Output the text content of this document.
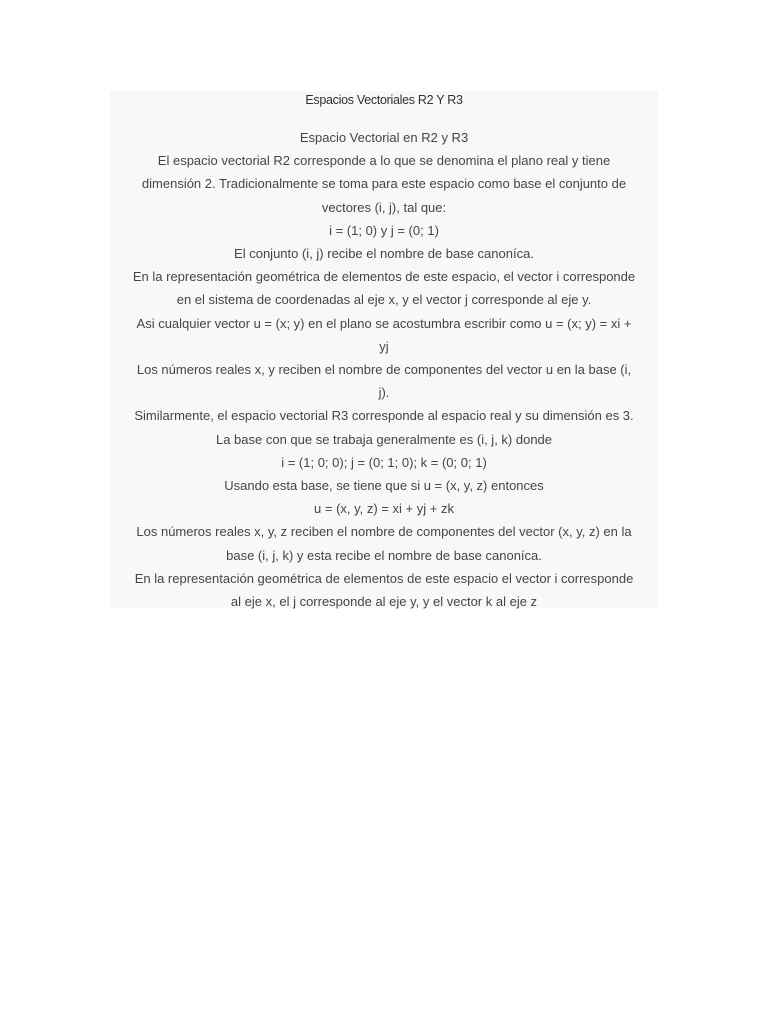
Espacios Vectoriales R2 Y R3
Espacio Vectorial en R2 y R3
El espacio vectorial R2 corresponde a lo que se denomina el plano real y tiene
dimensión 2. Tradicionalmente se toma para este espacio como base el conjunto de
vectores (i, j), tal que:
i = (1; 0) y j = (0; 1)
El conjunto (i, j) recibe el nombre de base canoníca.
En la representación geométrica de elementos de este espacio, el vector i corresponde
en el sistema de coordenadas al eje x, y el vector j corresponde al eje y.
Asi cualquier vector u = (x; y) en el plano se acostumbra escribir como u = (x; y) = xi +
yj
Los números reales x, y reciben el nombre de componentes del vector u en la base (i,
j).
Similarmente, el espacio vectorial R3 corresponde al espacio real y su dimensión es 3.
La base con que se trabaja generalmente es (i, j, k) donde
i = (1; 0; 0); j = (0; 1; 0); k = (0; 0; 1)
Usando esta base, se tiene que si u = (x, y, z) entonces
u = (x, y, z) = xi + yj + zk
Los números reales x, y, z reciben el nombre de componentes del vector (x, y, z) en la
base (i, j, k) y esta recibe el nombre de base canoníca.
En la representación geométrica de elementos de este espacio el vector i corresponde
al eje x, el j corresponde al eje y, y el vector k al eje z
